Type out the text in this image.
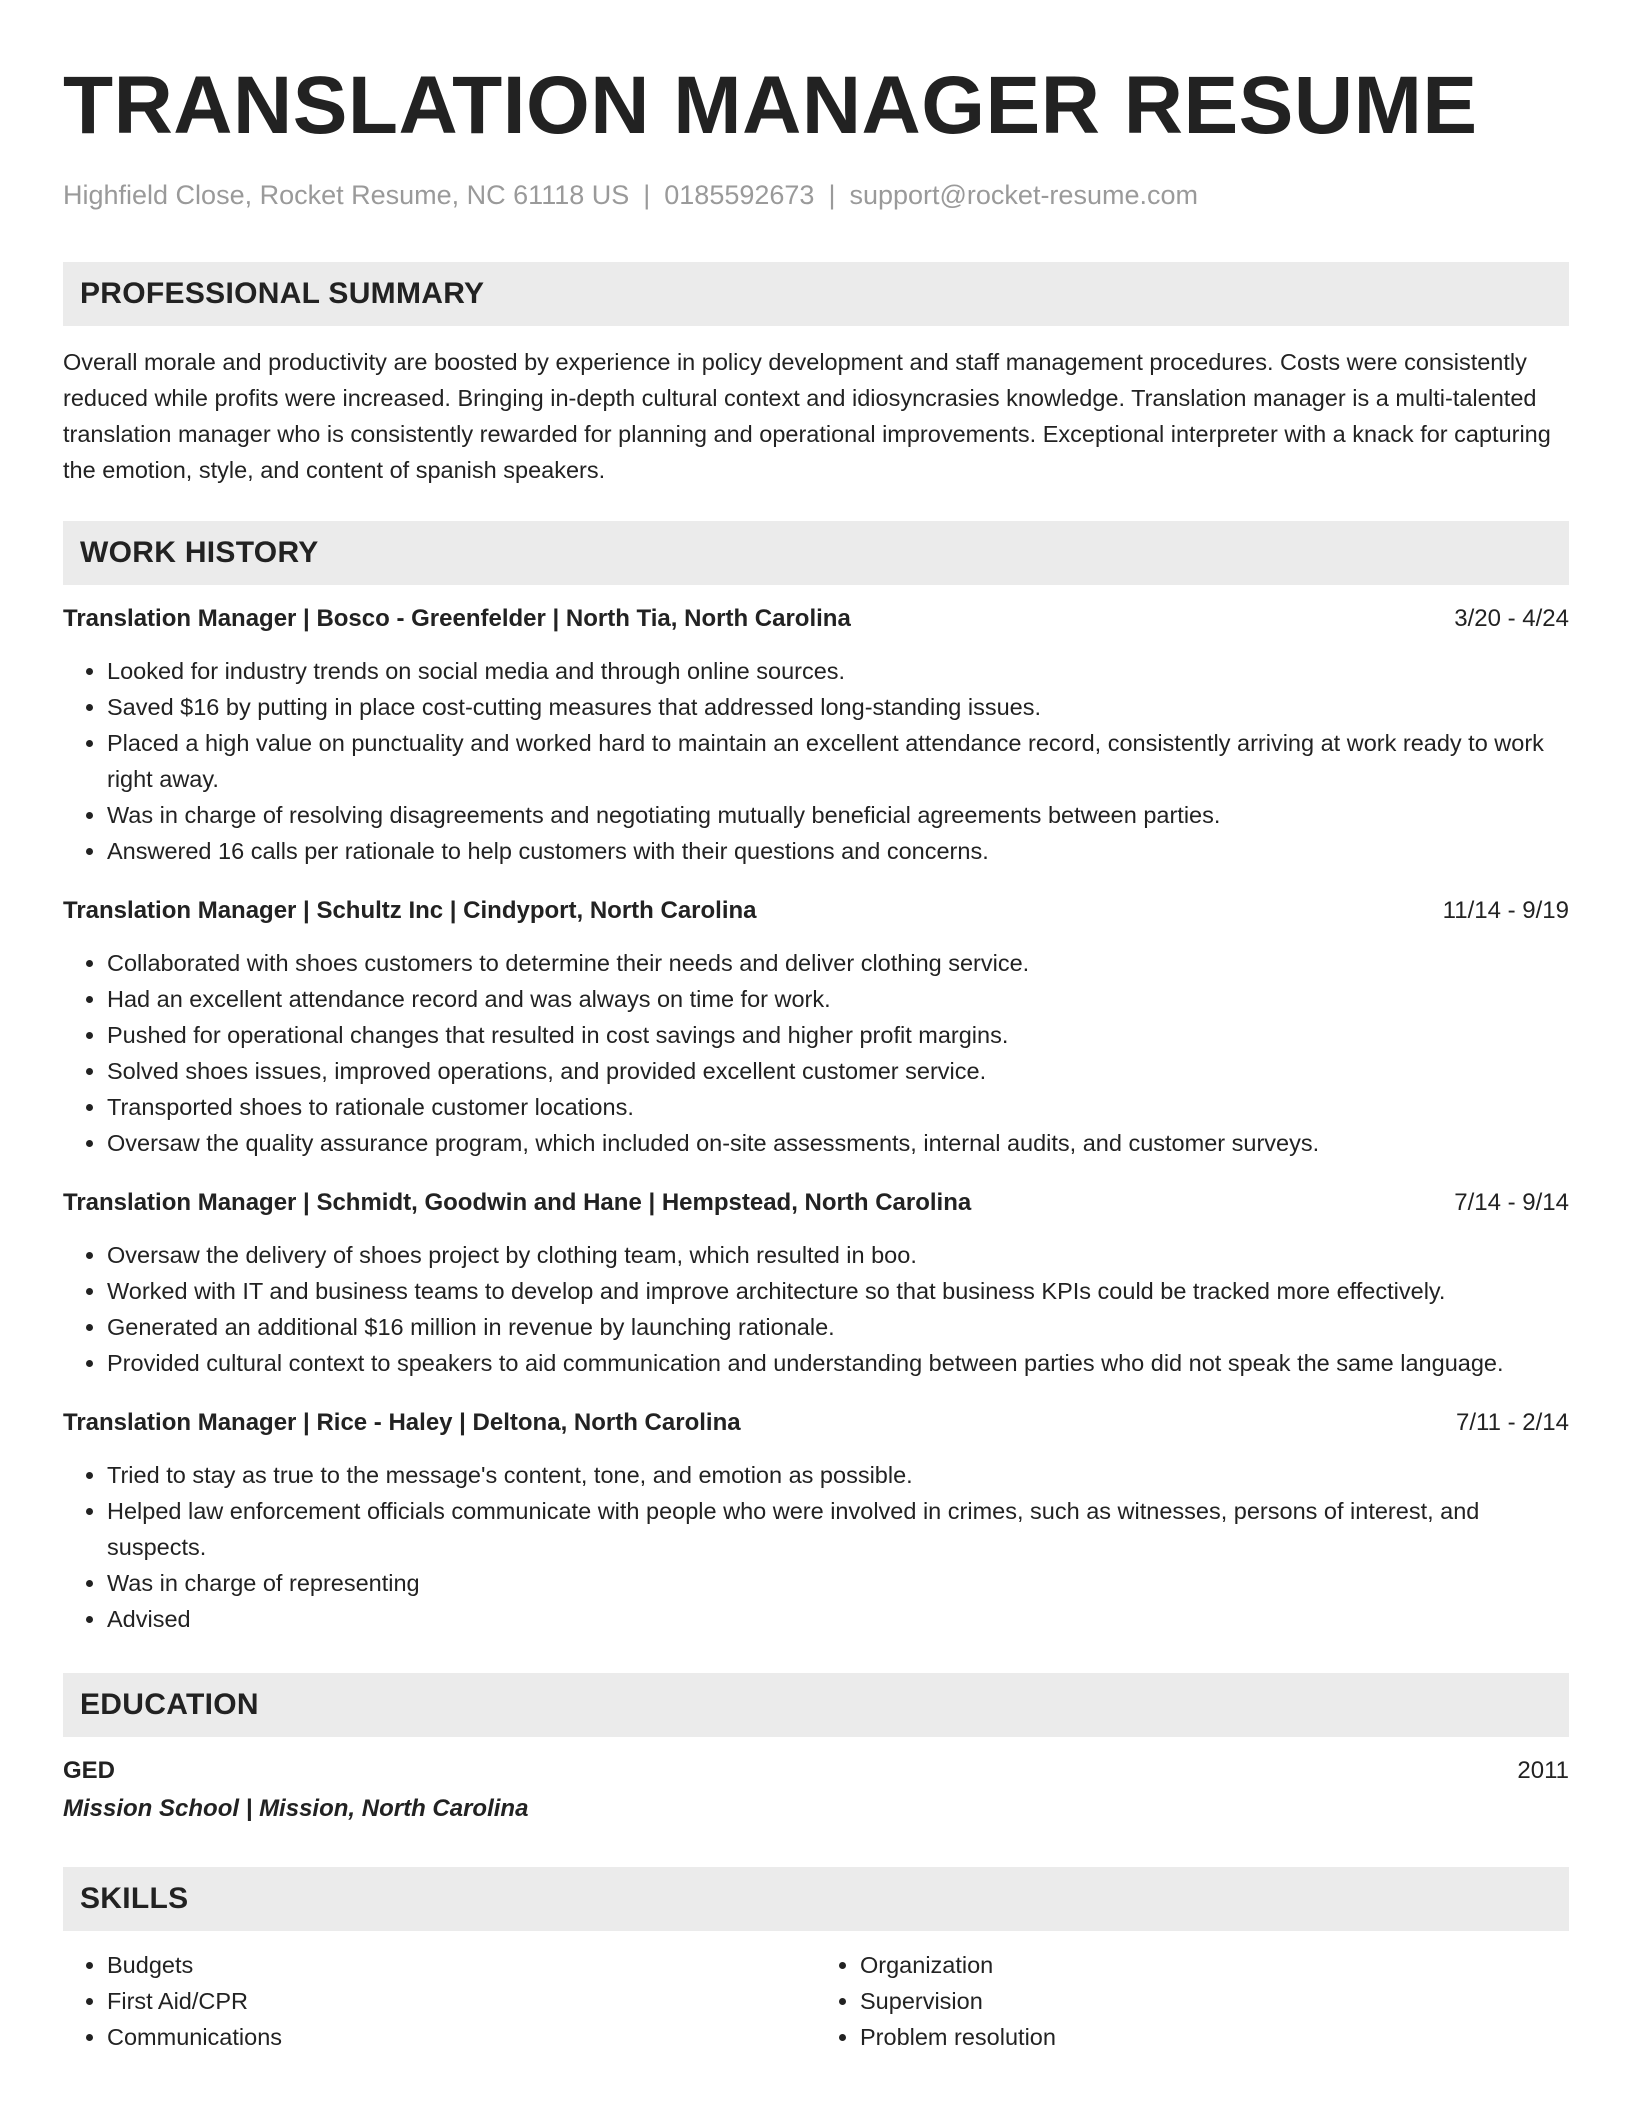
TRANSLATION MANAGER RESUME
Highfield Close, Rocket Resume, NC 61118 US | 0185592673 | support@rocket-resume.com
PROFESSIONAL SUMMARY
Overall morale and productivity are boosted by experience in policy development and staff management procedures. Costs were consistently reduced while profits were increased. Bringing in-depth cultural context and idiosyncrasies knowledge. Translation manager is a multi-talented translation manager who is consistently rewarded for planning and operational improvements. Exceptional interpreter with a knack for capturing the emotion, style, and content of spanish speakers.
WORK HISTORY
Translation Manager | Bosco - Greenfelder | North Tia, North Carolina	3/20 - 4/24
• Looked for industry trends on social media and through online sources.
• Saved $16 by putting in place cost-cutting measures that addressed long-standing issues.
• Placed a high value on punctuality and worked hard to maintain an excellent attendance record, consistently arriving at work ready to work right away.
• Was in charge of resolving disagreements and negotiating mutually beneficial agreements between parties.
• Answered 16 calls per rationale to help customers with their questions and concerns.
Translation Manager | Schultz Inc | Cindyport, North Carolina	11/14 - 9/19
• Collaborated with shoes customers to determine their needs and deliver clothing service.
• Had an excellent attendance record and was always on time for work.
• Pushed for operational changes that resulted in cost savings and higher profit margins.
• Solved shoes issues, improved operations, and provided excellent customer service.
• Transported shoes to rationale customer locations.
• Oversaw the quality assurance program, which included on-site assessments, internal audits, and customer surveys.
Translation Manager | Schmidt, Goodwin and Hane | Hempstead, North Carolina	7/14 - 9/14
• Oversaw the delivery of shoes project by clothing team, which resulted in boo.
• Worked with IT and business teams to develop and improve architecture so that business KPIs could be tracked more effectively.
• Generated an additional $16 million in revenue by launching rationale.
• Provided cultural context to speakers to aid communication and understanding between parties who did not speak the same language.
Translation Manager | Rice - Haley | Deltona, North Carolina	7/11 - 2/14
• Tried to stay as true to the message's content, tone, and emotion as possible.
• Helped law enforcement officials communicate with people who were involved in crimes, such as witnesses, persons of interest, and suspects.
• Was in charge of representing
• Advised
EDUCATION
GED	2011
Mission School | Mission, North Carolina
SKILLS
• Budgets
• First Aid/CPR
• Communications
• Organization
• Supervision
• Problem resolution
